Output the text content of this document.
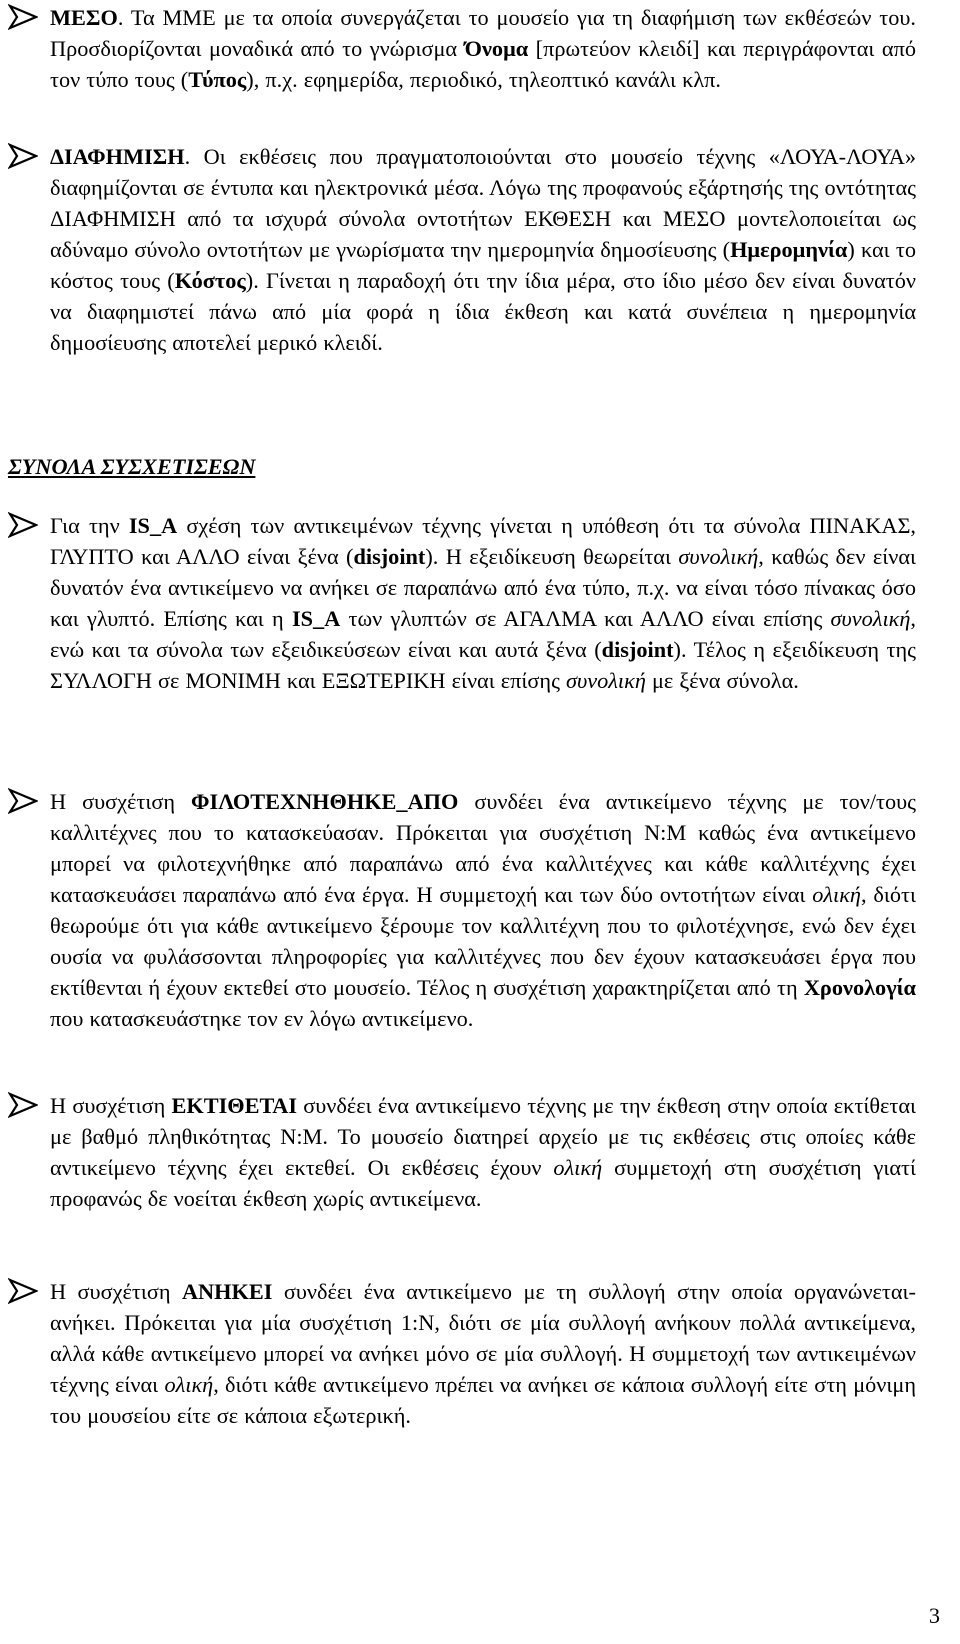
ΜΕΣΟ. Τα ΜΜΕ με τα οποία συνεργάζεται το μουσείο για τη διαφήμιση των εκθέσεών του. Προσδιορίζονται μοναδικά από το γνώρισμα Όνομα [πρωτεύον κλειδί] και περιγράφονται από τον τύπο τους (Τύπος), π.χ. εφημερίδα, περιοδικό, τηλεοπτικό κανάλι κλπ.

ΔΙΑΦΗΜΙΣΗ. Οι εκθέσεις που πραγματοποιούνται στο μουσείο τέχνης «ΛΟΥΑ-ΛΟΥΑ» διαφημίζονται σε έντυπα και ηλεκτρονικά μέσα. Λόγω της προφανούς εξάρτησής της οντότητας ΔΙΑΦΗΜΙΣΗ από τα ισχυρά σύνολα οντοτήτων ΕΚΘΕΣΗ και ΜΕΣΟ μοντελοποιείται ως αδύναμο σύνολο οντοτήτων με γνωρίσματα την ημερομηνία δημοσίευσης (Ημερομηνία) και το κόστος τους (Κόστος). Γίνεται η παραδοχή ότι την ίδια μέρα, στο ίδιο μέσο δεν είναι δυνατόν να διαφημιστεί πάνω από μία φορά η ίδια έκθεση και κατά συνέπεια η ημερομηνία δημοσίευσης αποτελεί μερικό κλειδί.

ΣΥΝΟΛΑ ΣΥΣΧΕΤΙΣΕΩΝ

Για την IS_A σχέση των αντικειμένων τέχνης γίνεται η υπόθεση ότι τα σύνολα ΠΙΝΑΚΑΣ, ΓΛΥΠΤΟ και ΑΛΛΟ είναι ξένα (disjoint). Η εξειδίκευση θεωρείται συνολική, καθώς δεν είναι δυνατόν ένα αντικείμενο να ανήκει σε παραπάνω από ένα τύπο, π.χ. να είναι τόσο πίνακας όσο και γλυπτό. Επίσης και η IS_A των γλυπτών σε ΑΓΑΛΜΑ και ΑΛΛΟ είναι επίσης συνολική, ενώ και τα σύνολα των εξειδικεύσεων είναι και αυτά ξένα (disjoint). Τέλος η εξειδίκευση της ΣΥΛΛΟΓΗ σε ΜΟΝΙΜΗ και ΕΞΩΤΕΡΙΚΗ είναι επίσης συνολική με ξένα σύνολα.

Η συσχέτιση ΦΙΛΟΤΕΧΝΗΘΗΚΕ_ΑΠΟ συνδέει ένα αντικείμενο τέχνης με τον/τους καλλιτέχνες που το κατασκεύασαν. Πρόκειται για συσχέτιση Ν:Μ καθώς ένα αντικείμενο μπορεί να φιλοτεχνήθηκε από παραπάνω από ένα καλλιτέχνες και κάθε καλλιτέχνης έχει κατασκευάσει παραπάνω από ένα έργα. Η συμμετοχή και των δύο οντοτήτων είναι ολική, διότι θεωρούμε ότι για κάθε αντικείμενο ξέρουμε τον καλλιτέχνη που το φιλοτέχνησε, ενώ δεν έχει ουσία να φυλάσσονται πληροφορίες για καλλιτέχνες που δεν έχουν κατασκευάσει έργα που εκτίθενται ή έχουν εκτεθεί στο μουσείο. Τέλος η συσχέτιση χαρακτηρίζεται από τη Χρονολογία που κατασκευάστηκε τον εν λόγω αντικείμενο.

Η συσχέτιση ΕΚΤΙΘΕΤΑΙ συνδέει ένα αντικείμενο τέχνης με την έκθεση στην οποία εκτίθεται με βαθμό πληθικότητας Ν:Μ. Το μουσείο διατηρεί αρχείο με τις εκθέσεις στις οποίες κάθε αντικείμενο τέχνης έχει εκτεθεί. Οι εκθέσεις έχουν ολική συμμετοχή στη συσχέτιση γιατί προφανώς δε νοείται έκθεση χωρίς αντικείμενα.

Η συσχέτιση ΑΝΗΚΕΙ συνδέει ένα αντικείμενο με τη συλλογή στην οποία οργανώνεται-ανήκει. Πρόκειται για μία συσχέτιση 1:Ν, διότι σε μία συλλογή ανήκουν πολλά αντικείμενα, αλλά κάθε αντικείμενο μπορεί να ανήκει μόνο σε μία συλλογή. Η συμμετοχή των αντικειμένων τέχνης είναι ολική, διότι κάθε αντικείμενο πρέπει να ανήκει σε κάποια συλλογή είτε στη μόνιμη του μουσείου είτε σε κάποια εξωτερική.

3
